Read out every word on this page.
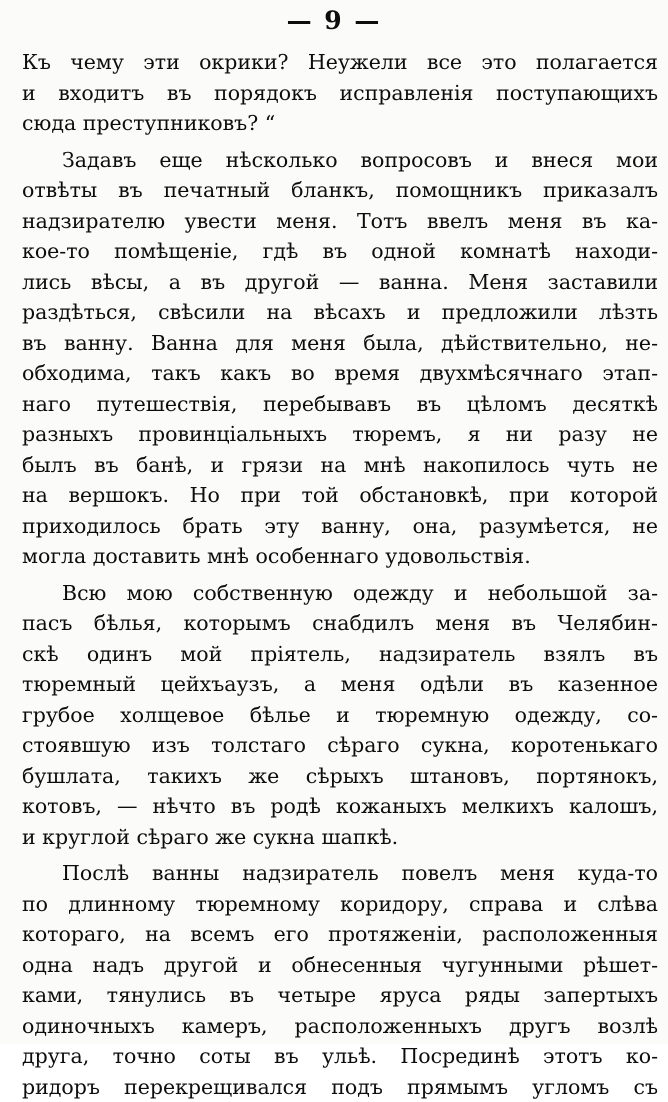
— 9 —
Къ чему эти окрики? Неужели все это полагается
и входитъ въ порядокъ исправленія поступающихъ
сюда преступниковъ? “
Задавъ еще нѣсколько вопросовъ и внеся мои
отвѣты въ печатный бланкъ, помощникъ приказалъ
надзирателю увести меня. Тотъ ввелъ меня въ ка-
кое-то помѣщеніе, гдѣ въ одной комнатѣ находи-
лись вѣсы, а въ другой — ванна. Меня заставили
раздѣться, свѣсили на вѣсахъ и предложили лѣзть
въ ванну. Ванна для меня была, дѣйствительно, не-
обходима, такъ какъ во время двухмѣсячнаго этап-
наго путешествія, перебывавъ въ цѣломъ десяткѣ
разныхъ провинціальныхъ тюремъ, я ни разу не
былъ въ банѣ, и грязи на мнѣ накопилось чуть не
на вершокъ. Но при той обстановкѣ, при которой
приходилось брать эту ванну, она, разумѣется, не
могла доставить мнѣ особеннаго удовольствія.
Всю мою собственную одежду и небольшой за-
пасъ бѣлья, которымъ снабдилъ меня въ Челябин-
скѣ одинъ мой пріятель, надзиратель взялъ въ
тюремный цейхъаузъ, а меня одѣли въ казенное
грубое холщевое бѣлье и тюремную одежду, со-
стоявшую изъ толстаго сѣраго сукна, коротенькаго
бушлата, такихъ же сѣрыхъ штановъ, портянокъ,
котовъ, — нѣчто въ родѣ кожаныхъ мелкихъ калошъ,
и круглой сѣраго же сукна шапкѣ.
Послѣ ванны надзиратель повелъ меня куда-то
по длинному тюремному коридору, справа и слѣва
котораго, на всемъ его протяженіи, расположенныя
одна надъ другой и обнесенныя чугунными рѣшет-
ками, тянулись въ четыре яруса ряды запертыхъ
одиночныхъ камеръ, расположенныхъ другъ возлѣ
друга, точно соты въ ульѣ. Посрединѣ этотъ ко-
ридоръ перекрещивался подъ прямымъ угломъ съ
